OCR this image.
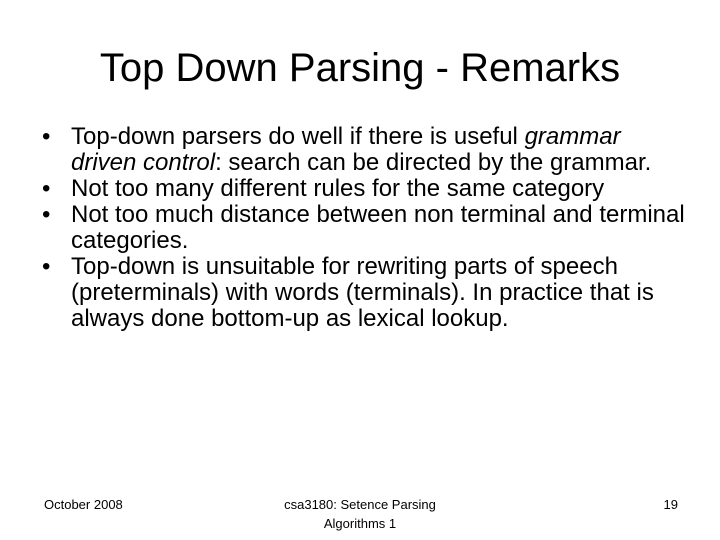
Top Down Parsing - Remarks
• Top-down parsers do well if there is useful grammar driven control: search can be directed by the grammar.
• Not too many different rules for the same category
• Not too much distance between non terminal and terminal categories.
• Top-down is unsuitable for rewriting parts of speech (preterminals) with words (terminals). In practice that is always done bottom-up as lexical lookup.
October 2008	csa3180: Setence Parsing
Algorithms 1
19
